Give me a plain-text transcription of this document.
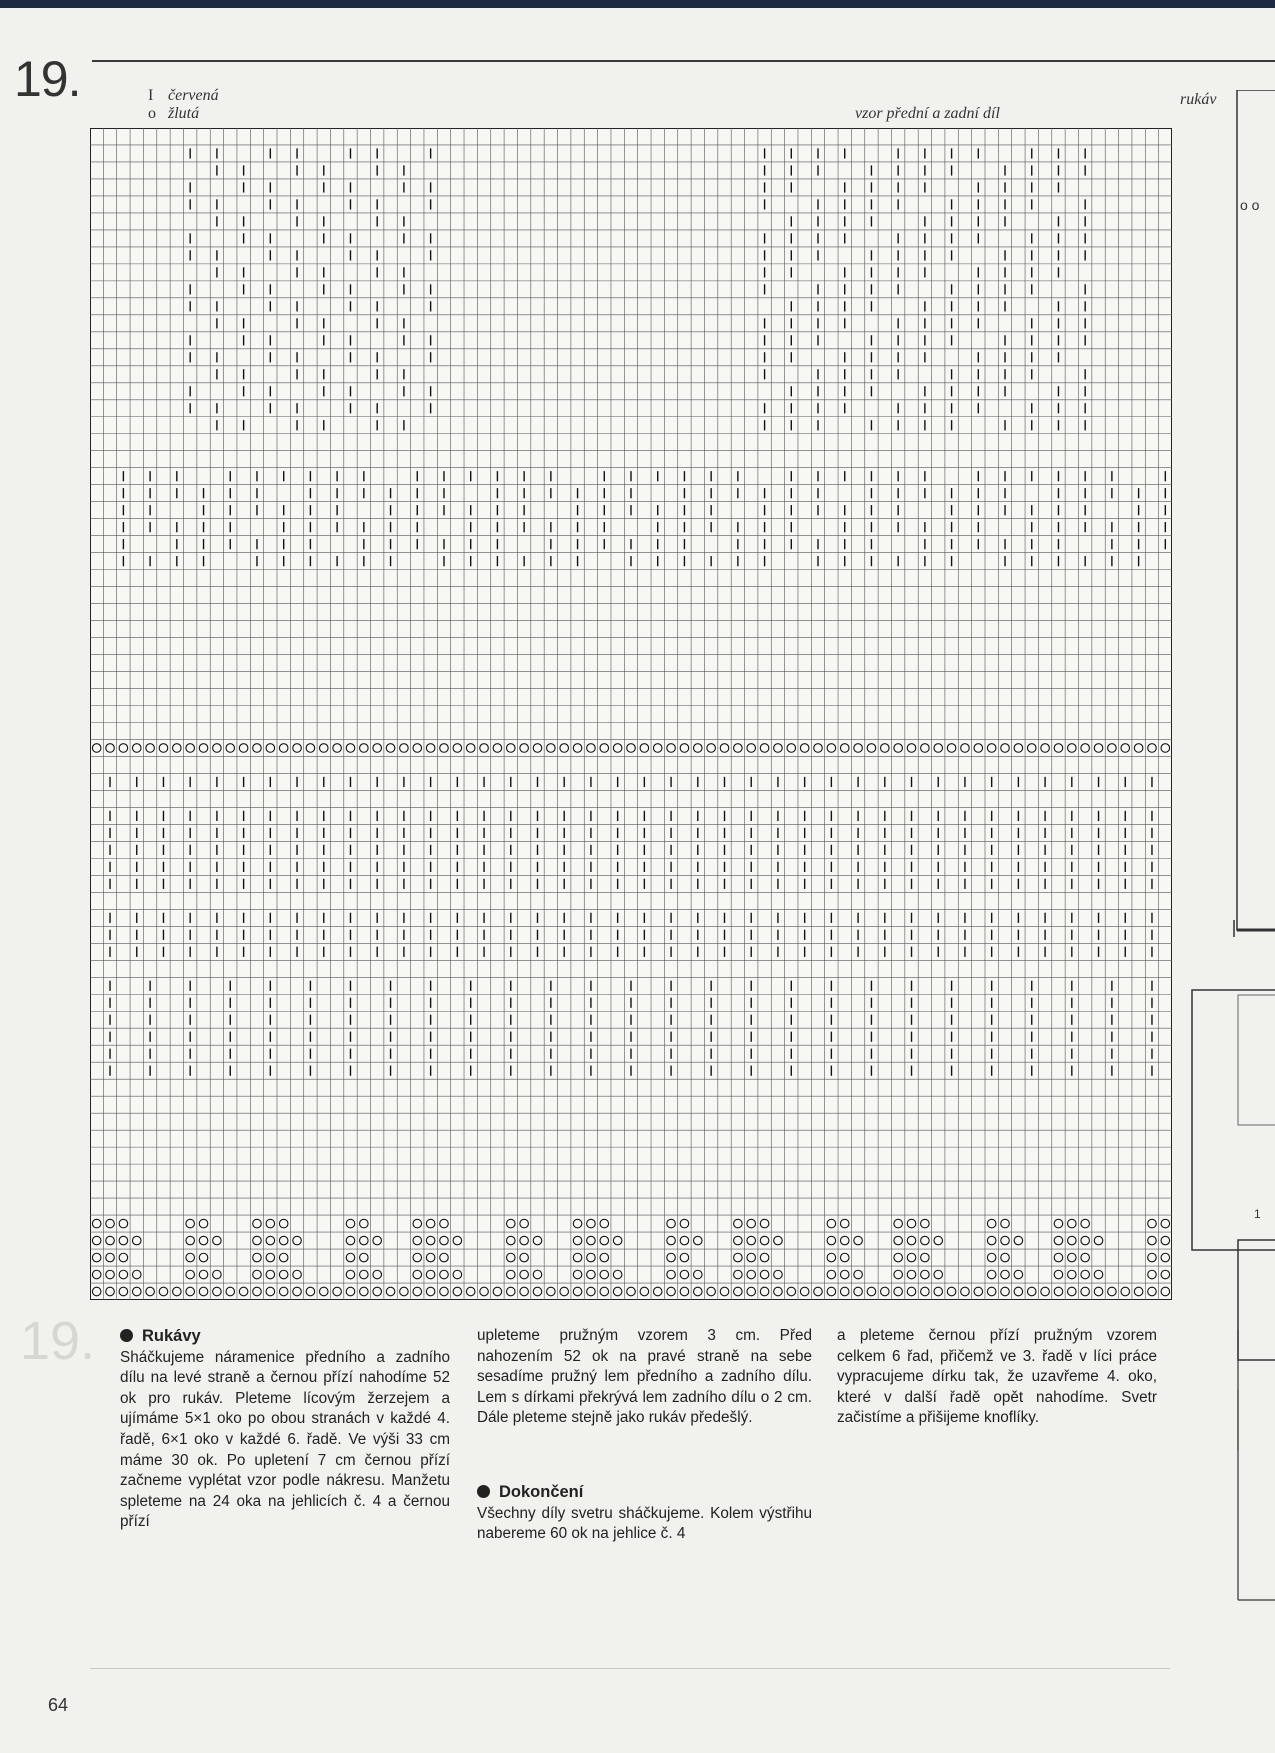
19.	I červená
o žlutá	vzor přední a zadní díl
rukáv
o o
1
19.	Rukávy
Sháčkujeme náramenice předního a zadního dílu na levé straně a černou přízí nahodíme 52 ok pro rukáv. Pleteme lícovým žerzejem a ujímáme 5×1 oko po obou stranách v každé 4. řadě, 6×1 oko v každé 6. řadě. Ve výši 33 cm máme 30 ok. Po upletení 7 cm černou přízí začneme vyplétat vzor podle nákresu. Manžetu spleteme na 24 oka na jehlicích č. 4 a černou přízí
upleteme pružným vzorem 3 cm. Před nahozením 52 ok na pravé straně na sebe sesadíme pružný lem předního a zadního dílu. Lem s dírkami překrývá lem zadního dílu o 2 cm. Dále pleteme stejně jako rukáv předešlý.
Dokončení
Všechny díly svetru sháčkujeme. Kolem výstřihu nabereme 60 ok na jehlice č. 4
a pleteme černou přízí pružným vzorem celkem 6 řad, přičemž ve 3. řadě v líci práce vypracujeme dírku tak, že uzavřeme 4. oko, které v další řadě opět nahodíme. Svetr začistíme a přišijeme knoflíky.
64
